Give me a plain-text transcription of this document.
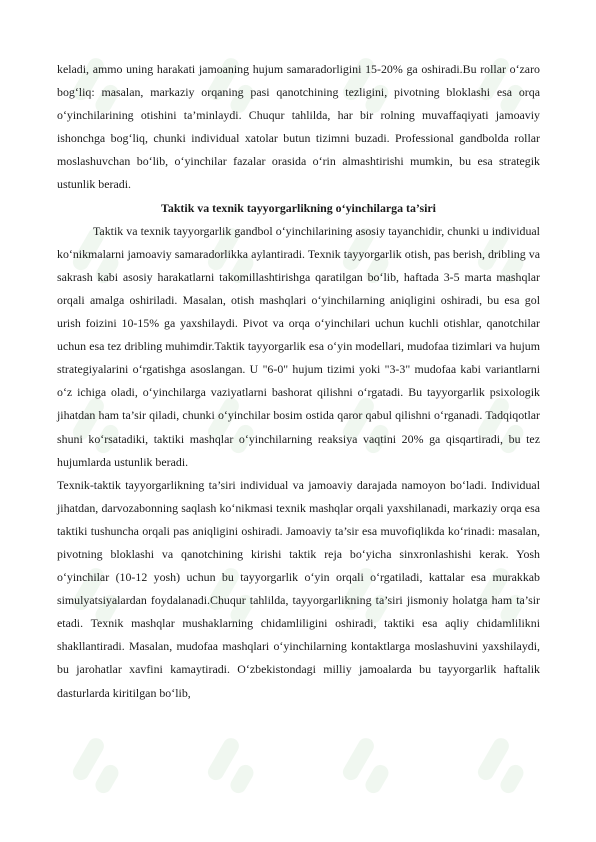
keladi, ammo uning harakati jamoaning hujum samaradorligini 15-20% ga oshiradi.Bu rollar o‘zaro bog‘liq: masalan, markaziy orqaning pasi qanotchining tezligini, pivotning bloklashi esa orqa o‘yinchilarining otishini ta’minlaydi. Chuqur tahlilda, har bir rolning muvaffaqiyati jamoaviy ishonchga bog‘liq, chunki individual xatolar butun tizimni buzadi. Professional gandbolda rollar moslashuvchan bo‘lib, o‘yinchilar fazalar orasida o‘rin almashtirishi mumkin, bu esa strategik ustunlik beradi.

Taktik va texnik tayyorgarlikning o‘yinchilarga ta’siri

Taktik va texnik tayyorgarlik gandbol o‘yinchilarining asosiy tayanchidir, chunki u individual ko‘nikmalarni jamoaviy samaradorlikka aylantiradi. Texnik tayyorgarlik otish, pas berish, dribling va sakrash kabi asosiy harakatlarni takomillashtirishga qaratilgan bo‘lib, haftada 3-5 marta mashqlar orqali amalga oshiriladi. Masalan, otish mashqlari o‘yinchilarning aniqligini oshiradi, bu esa gol urish foizini 10-15% ga yaxshilaydi. Pivot va orqa o‘yinchilari uchun kuchli otishlar, qanotchilar uchun esa tez dribling muhimdir.Taktik tayyorgarlik esa o‘yin modellari, mudofaa tizimlari va hujum strategiyalarini o‘rgatishga asoslangan. U "6-0" hujum tizimi yoki "3-3" mudofaa kabi variantlarni o‘z ichiga oladi, o‘yinchilarga vaziyatlarni bashorat qilishni o‘rgatadi. Bu tayyorgarlik psixologik jihatdan ham ta’sir qiladi, chunki o‘yinchilar bosim ostida qaror qabul qilishni o‘rganadi. Tadqiqotlar shuni ko‘rsatadiki, taktiki mashqlar o‘yinchilarning reaksiya vaqtini 20% ga qisqartiradi, bu tez hujumlarda ustunlik beradi.

Texnik-taktik tayyorgarlikning ta’siri individual va jamoaviy darajada namoyon bo‘ladi. Individual jihatdan, darvozabonning saqlash ko‘nikmasi texnik mashqlar orqali yaxshilanadi, markaziy orqa esa taktiki tushuncha orqali pas aniqligini oshiradi. Jamoaviy ta’sir esa muvofiqlikda ko‘rinadi: masalan, pivotning bloklashi va qanotchining kirishi taktik reja bo‘yicha sinxronlashishi kerak. Yosh o‘yinchilar (10-12 yosh) uchun bu tayyorgarlik o‘yin orqali o‘rgatiladi, kattalar esa murakkab simulyatsiyalardan foydalanadi.Chuqur tahlilda, tayyorgarlikning ta’siri jismoniy holatga ham ta’sir etadi. Texnik mashqlar mushaklarning chidamliligini oshiradi, taktiki esa aqliy chidamlilikni shakllantiradi. Masalan, mudofaa mashqlari o‘yinchilarning kontaktlarga moslashuvini yaxshilaydi, bu jarohatlar xavfini kamaytiradi. O‘zbekistondagi milliy jamoalarda bu tayyorgarlik haftalik dasturlarda kiritilgan bo‘lib,
